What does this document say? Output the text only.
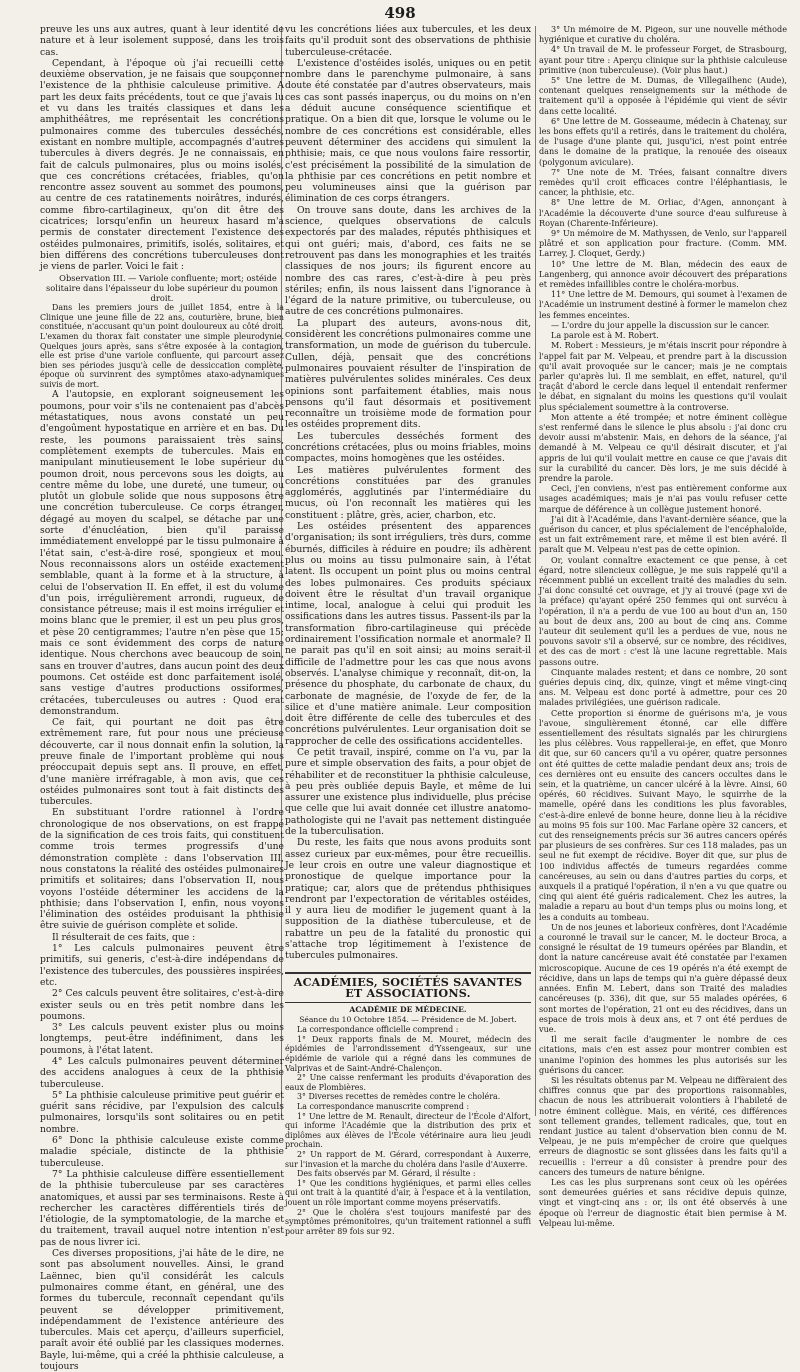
498

preuve les uns aux autres, quant à leur identité de nature et à leur isolement supposé, dans les trois cas.

Cependant, à l'époque où j'ai recueilli cette deuxième observation, je ne faisais que soupçonner l'existence de la phthisie calculeuse primitive. A part les deux faits précédents, tout ce que j'avais lu et vu dans les traités classiques et dans les amphithéâtres, me représentait les concrétions pulmonaires comme des tubercules desséchés, existant en nombre multiple, accompagnés d'autres tubercules à divers degrés. Je ne connaissais, en fait de calculs pulmonaires, plus ou moins isolés, que ces concrétions crétacées, friables, qu'on rencontre assez souvent au sommet des poumons, au centre de ces ratatinements noirâtres, indurés, comme fibro-cartilagineux, qu'on dit être des cicatrices; lorsqu'enfin un heureux hasard m'a permis de constater directement l'existence des ostéides pulmonaires, primitifs, isolés, solitaires, et bien différens des concrétions tuberculeuses dont je viens de parler. Voici le fait :

Observation III. — Variole confluente; mort; ostéide solitaire dans l'épaisseur du lobe supérieur du poumon droit.

Dans les premiers jours de juillet 1854, entre à la Clinique une jeune fille de 22 ans, couturière, brune, bien constituée, n'accusant qu'un point douloureux au côté droit. L'examen du thorax fait constater une simple pleurodynie. Quelques jours après, sans s'être exposée à la contagion, elle est prise d'une variole confluente, qui parcourt assez bien ses périodes jusqu'à celle de dessiccation complète, époque où survinrent des symptômes ataxo-adynamiques suivis de mort.

A l'autopsie, en explorant soigneusement les poumons, pour voir s'ils ne contenaient pas d'abcès métastatiques, nous avons constaté un peu d'engoûment hypostatique en arrière et en bas. Du reste, les poumons paraissaient très sains, complètement exempts de tubercules. Mais en manipulant minutieusement le lobe supérieur du poumon droit, nous percevons sous les doigts, au centre même du lobe, une dureté, une tumeur, ou plutôt un globule solide que nous supposons être une concrétion tuberculeuse. Ce corps étranger, dégagé au moyen du scalpel, se détache par une sorte d'énucléation, bien qu'il paraisse immédiatement enveloppé par le tissu pulmonaire à l'état sain, c'est-à-dire rosé, spongieux et mou. Nous reconnaissons alors un ostéide exactement semblable, quant à la forme et à la structure, à celui de l'observation II. En effet, il est du volume d'un pois, irrégulièrement arrondi, rugueux, de consistance pétreuse; mais il est moins irrégulier et moins blanc que le premier, il est un peu plus gros, et pèse 20 centigrammes; l'autre n'en pèse que 15; mais ce sont évidemment des corps de nature identique. Nous cherchons avec beaucoup de soin, sans en trouver d'autres, dans aucun point des deux poumons. Cet ostéide est donc parfaitement isolé, sans vestige d'autres productions ossiformes, crétacées, tuberculeuses ou autres : Quod erat demonstrandum.

Ce fait, qui pourtant ne doit pas être extrêmement rare, fut pour nous une précieuse découverte, car il nous donnait enfin la solution, la preuve finale de l'important problème qui nous préoccupait depuis sept ans. Il prouve, en effet, d'une manière irréfragable, à mon avis, que ces ostéides pulmonaires sont tout à fait distincts des tubercules.

En substituant l'ordre rationnel à l'ordre chronologique de nos observations, on est frappé de la signification de ces trois faits, qui constituent comme trois termes progressifs d'une démonstration complète : dans l'observation III, nous constatons la réalité des ostéides pulmonaires primitifs et solitaires; dans l'observation II, nous voyons l'ostéide déterminer les accidens de la phthisie; dans l'observation I, enfin, nous voyons l'élimination des ostéides produisant la phthisie être suivie de guérison complète et solide.

Il résulterait de ces faits, que :

1° Les calculs pulmonaires peuvent être primitifs, sui generis, c'est-à-dire indépendans de l'existence des tubercules, des poussières inspirées, etc.

2° Ces calculs peuvent être solitaires, c'est-à-dire exister seuls ou en très petit nombre dans les poumons.

3° Les calculs peuvent exister plus ou moins longtemps, peut-être indéfiniment, dans les poumons, à l'état latent.

4° Les calculs pulmonaires peuvent déterminer des accidens analogues à ceux de la phthisie tuberculeuse.

5° La phthisie calculeuse primitive peut guérir et guérit sans récidive, par l'expulsion des calculs pulmonaires, lorsqu'ils sont solitaires ou en petit nombre.

6° Donc la phthisie calculeuse existe comme maladie spéciale, distincte de la phthisie tuberculeuse.

7° La phthisie calculeuse diffère essentiellement de la phthisie tuberculeuse par ses caractères anatomiques, et aussi par ses terminaisons. Reste à rechercher les caractères différentiels tirés de l'étiologie, de la symptomatologie, de la marche et du traitement, travail auquel notre intention n'est pas de nous livrer ici.

Ces diverses propositions, j'ai hâte de le dire, ne sont pas absolument nouvelles. Ainsi, le grand Laënnec, bien qu'il considérât les calculs pulmonaires comme étant, en général, une des formes du tubercule, reconnaît cependant qu'ils peuvent se développer primitivement, indépendamment de l'existence antérieure des tubercules. Mais cet aperçu, d'ailleurs superficiel, paraît avoir été oublié par les classiques modernes. Bayle, lui-même, qui a créé la phthisie calculeuse, a toujours

vu les concrétions liées aux tubercules, et les deux faits qu'il produit sont des observations de phthisie tuberculeuse-crétacée.

L'existence d'ostéides isolés, uniques ou en petit nombre dans le parenchyme pulmonaire, à sans doute été constatée par d'autres observateurs, mais ces cas sont passés inaperçus, ou du moins on n'en a déduit aucune conséquence scientifique et pratique. On a bien dit que, lorsque le volume ou le nombre de ces concrétions est considérable, elles peuvent déterminer des accidens qui simulent la phthisie; mais, ce que nous voulons faire ressortir, c'est précisément la possibilité de la simulation de la phthisie par ces concrétions en petit nombre et peu volumineuses ainsi que la guérison par élimination de ces corps étrangers.

On trouve sans doute, dans les archives de la science, quelques observations de calculs expectorés par des malades, réputés phthisiques et qui ont guéri; mais, d'abord, ces faits ne se retrouvent pas dans les monographies et les traités classiques de nos jours; ils figurent encore au nombre des cas rares, c'est-à-dire à peu près stériles; enfin, ils nous laissent dans l'ignorance à l'égard de la nature primitive, ou tuberculeuse, ou autre de ces concrétions pulmonaires.

La plupart des auteurs, avons-nous dit, considèrent les concrétions pulmonaires comme une transformation, un mode de guérison du tubercule. Cullen, déjà, pensait que des concrétions pulmonaires pouvaient résulter de l'inspiration de matières pulvérulentes solides minérales. Ces deux opinions sont parfaitement établies, mais nous pensons qu'il faut désormais et positivement reconnaître un troisième mode de formation pour les ostéides proprement dits.

Les tubercules desséchés forment des concrétions crétacées, plus ou moins friables, moins compactes, moins homogènes que les ostéides.

Les matières pulvérulentes forment des concrétions constituées par des granules agglomérés, agglutinés par l'intermédiaire du mucus, où l'on reconnaît les matières qui les constituent : plâtre, grès, acier, charbon, etc.

Les ostéides présentent des apparences d'organisation; ils sont irréguliers, très durs, comme éburnés, difficiles à réduire en poudre; ils adhèrent plus ou moins au tissu pulmonaire sain, à l'état latent. Ils occupent un point plus ou moins central des lobes pulmonaires. Ces produits spéciaux doivent être le résultat d'un travail organique intime, local, analogue à celui qui produit les ossifications dans les autres tissus. Passent-ils par la transformation fibro-cartilagineuse qui précède ordinairement l'ossification normale et anormale? Il ne parait pas qu'il en soit ainsi; au moins serait-il difficile de l'admettre pour les cas que nous avons observés. L'analyse chimique y reconnaît, dit-on, la présence du phosphate, du carbonate de chaux, du carbonate de magnésie, de l'oxyde de fer, de la silice et d'une matière animale. Leur composition doit être différente de celle des tubercules et des concrétions pulvérulentes. Leur organisation doit se rapprocher de celle des ossifications accidentelles.

Ce petit travail, inspiré, comme on l'a vu, par la pure et simple observation des faits, a pour objet de réhabiliter et de reconstituer la phthisie calculeuse, à peu près oubliée depuis Bayle, et même de lui assurer une existence plus individuelle, plus précise que celle que lui avait donnée cet illustre anatomo-pathologiste qui ne l'avait pas nettement distinguée de la tuberculisation.

Du reste, les faits que nous avons produits sont assez curieux par eux-mêmes, pour être recueillis. Je leur crois en outre une valeur diagnostique et pronostique de quelque importance pour la pratique; car, alors que de prétendus phthisiques rendront par l'expectoration de véritables ostéides, il y aura lieu de modifier le jugement quant à la supposition de la diathèse tuberculeuse, et de rabattre un peu de la fatalité du pronostic qui s'attache trop légitimement à l'existence de tubercules pulmonaires.

ACADÉMIES, SOCIÉTÉS SAVANTES ET ASSOCIATIONS.
ACADÉMIE DE MÉDECINE.
Séance du 10 Octobre 1854. — Présidence de M. Jobert.

La correspondance officielle comprend :

1° Deux rapports finals de M. Mouret, médecin des épidémies de l'arrondissement d'Yssengeaux, sur une épidémie de variole qui a régné dans les communes de Valprivas et de Saint-André-Chalençon.

2° Une caisse renfermant les produits d'évaporation des eaux de Plombières.

3° Diverses recettes de remèdes contre le choléra.

La correspondance manuscrite comprend :

1° Une lettre de M. Renault, directeur de l'École d'Alfort, qui informe l'Académie que la distribution des prix et diplômes aux élèves de l'École vétérinaire aura lieu jeudi prochain.

2° Un rapport de M. Gérard, correspondant à Auxerre, sur l'invasion et la marche du choléra dans l'asile d'Auxerre.

Des faits observés par M. Gérard, il résulte :

1° Que les conditions hygiéniques, et parmi elles celles qui ont trait à la quantité d'air, à l'espace et à la ventilation, jouent un rôle important comme moyens préservatifs.

2° Que le choléra s'est toujours manifesté par des symptômes prémonitoires, qu'un traitement rationnel a suffi pour arrêter 89 fois sur 92.

3° Un mémoire de M. Pigeon, sur une nouvelle méthode hygiénique et curative du choléra.

4° Un travail de M. le professeur Forget, de Strasbourg, ayant pour titre : Aperçu clinique sur la phthisie calculeuse primitive (non tuberculeuse). (Voir plus haut.)

5° Une lettre de M. Dumas, de Villegailhenc (Aude), contenant quelques renseignements sur la méthode de traitement qu'il a opposée à l'épidémie qui vient de sévir dans cette localité.

6° Une lettre de M. Gosseaume, médecin à Chatenay, sur les bons effets qu'il a retirés, dans le traitement du choléra, de l'usage d'une plante qui, jusqu'ici, n'est point entrée dans le domaine de la pratique, la renouée des oiseaux (polygonum aviculare).

7° Une note de M. Trées, faisant connaître divers remèdes qu'il croit efficaces contre l'éléphantiasis, le cancer, la phthisie, etc.

8° Une lettre de M. Orliac, d'Agen, annonçant à l'Académie la découverte d'une source d'eau sulfureuse à Royan (Charente-Inférieure).

9° Un mémoire de M. Mathyssen, de Venlo, sur l'appareil plâtré et son application pour fracture. (Comm. MM. Larrey, J. Cloquet, Gerdy.)

10° Une lettre de M. Blan, médecin des eaux de Langenberg, qui annonce avoir découvert des préparations et remèdes infaillibles contre le choléra-morbus.

11° Une lettre de M. Demours, qui soumet à l'examen de l'Académie un instrument destiné à former le mamelon chez les femmes enceintes.

— L'ordre du jour appelle la discussion sur le cancer.

La parole est à M. Robert.

M. Robert : Messieurs, je m'étais inscrit pour répondre à l'appel fait par M. Velpeau, et prendre part à la discussion qu'il avait provoquée sur le cancer; mais je ne comptais parler qu'après lui. Il me semblait, en effet, naturel, qu'il traçât d'abord le cercle dans lequel il entendait renfermer le débat, en signalant du moins les questions qu'il voulait plus spécialement soumettre à la controverse.

Mon attente a été trompée; et notre éminent collègue s'est renfermé dans le silence le plus absolu : j'ai donc cru devoir aussi m'abstenir. Mais, en dehors de la séance, j'ai demandé à M. Velpeau ce qu'il désirait discuter, et j'ai appris de lui qu'il voulait mettre en cause ce que j'avais dit sur la curabilité du cancer. Dès lors, je me suis décidé à prendre la parole.

Ceci, j'en conviens, n'est pas entièrement conforme aux usages académiques; mais je n'ai pas voulu refuser cette marque de déférence à un collègue justement honoré.

J'ai dit à l'Académie, dans l'avant-dernière séance, que la guérison du cancer, et plus spécialement de l'encéphaloïde, est un fait extrêmement rare, et même il est bien avéré. Il paraît que M. Velpeau n'est pas de cette opinion.

Or, voulant connaître exactement ce que pense, à cet égard, notre silencieux collègue, je me suis rappelé qu'il a récemment publié un excellent traité des maladies du sein. J'ai donc consulté cet ouvrage, et j'y ai trouvé (page xvi de la préface) qu'ayant opéré 250 femmes qui ont survécu à l'opération, il n'a a perdu de vue 100 au bout d'un an, 150 au bout de deux ans, 200 au bout de cinq ans. Comme l'auteur dit seulement qu'il les a perdues de vue, nous ne pouvons savoir s'il a observé, sur ce nombre, des récidives, et des cas de mort : c'est là une lacune regrettable. Mais passons outre.

Cinquante malades restent; et dans ce nombre, 20 sont guéries depuis cinq, dix, quinze, vingt et même vingt-cinq ans. M. Velpeau est donc porté à admettre, pour ces 20 malades privilégiées, une guérison radicale.

Cette proportion si énorme de guérisons m'a, je vous l'avoue, singulièrement étonné, car elle diffère essentiellement des résultats signalés par les chirurgiens les plus célèbres. Vous rappellerai-je, en effet, que Monro dit que, sur 60 cancers qu'il a vu opérer, quatre personnes ont été quittes de cette maladie pendant deux ans; trois de ces dernières ont eu ensuite des cancers occultes dans le sein, et la quatrième, un cancer ulcéré à la lèvre. Ainsi, 60 opérés, 60 récidives. Suivant Mayo, le squirrhe de la mamelle, opéré dans les conditions les plus favorables, c'est-à-dire enlevé de bonne heure, donne lieu à la récidive au moins 95 fois sur 100. Mac Farlane opère 32 cancers, et cut des renseignements précis sur 36 autres cancers opérés par plusieurs de ses confrères. Sur ces 118 malades, pas un seul ne fut exempt de récidive. Boyer dit que, sur plus de 100 individus affectés de tumeurs regardées comme cancéreuses, au sein ou dans d'autres parties du corps, et auxquels il a pratiqué l'opération, il n'en a vu que quatre ou cinq qui aient été guéris radicalement. Chez les autres, la maladie a reparu au bout d'un temps plus ou moins long, et les a conduits au tombeau.

Un de nos jeunes et laborieux confrères, dont l'Académie a couronné le travail sur le cancer, M. le docteur Broca, a consigné le résultat de 19 tumeurs opérées par Blandin, et dont la nature cancéreuse avait été constatée par l'examen microscopique. Aucune de ces 19 opérés n'a été exempt de récidive, dans un laps de temps qui n'a guère dépassé deux années. Enfin M. Lebert, dans son Traité des maladies cancéreuses (p. 336), dit que, sur 55 malades opérées, 6 sont mortes de l'opération, 21 ont eu des récidives, dans un espace de trois mois à deux ans, et 7 ont été perdues de vue.

Il me serait facile d'augmenter le nombre de ces citations, mais c'en est assez pour montrer combien est unanime l'opinion des hommes les plus autorisés sur les guérisons du cancer.

Si les résultats obtenus par M. Velpeau ne diffèraient des chiffres connus que par des proportions raisonnables, chacun de nous les attribuerait volontiers à l'habileté de notre éminent collègue. Mais, en vérité, ces différences sont tellement grandes, tellement radicales, que, tout en rendant justice au talent d'observation bien connu de M. Velpeau, je ne puis m'empêcher de croire que quelques erreurs de diagnostic se sont glissées dans les faits qu'il a recueillis : l'erreur a dû consister à prendre pour des cancers des tumeurs de nature bénigne.

Les cas les plus surprenans sont ceux où les opérées sont demeurées guéries et sans récidive depuis quinze, vingt et vingt-cinq ans : or, ils ont été observés à une époque où l'erreur de diagnostic était bien permise à M. Velpeau lui-même.
